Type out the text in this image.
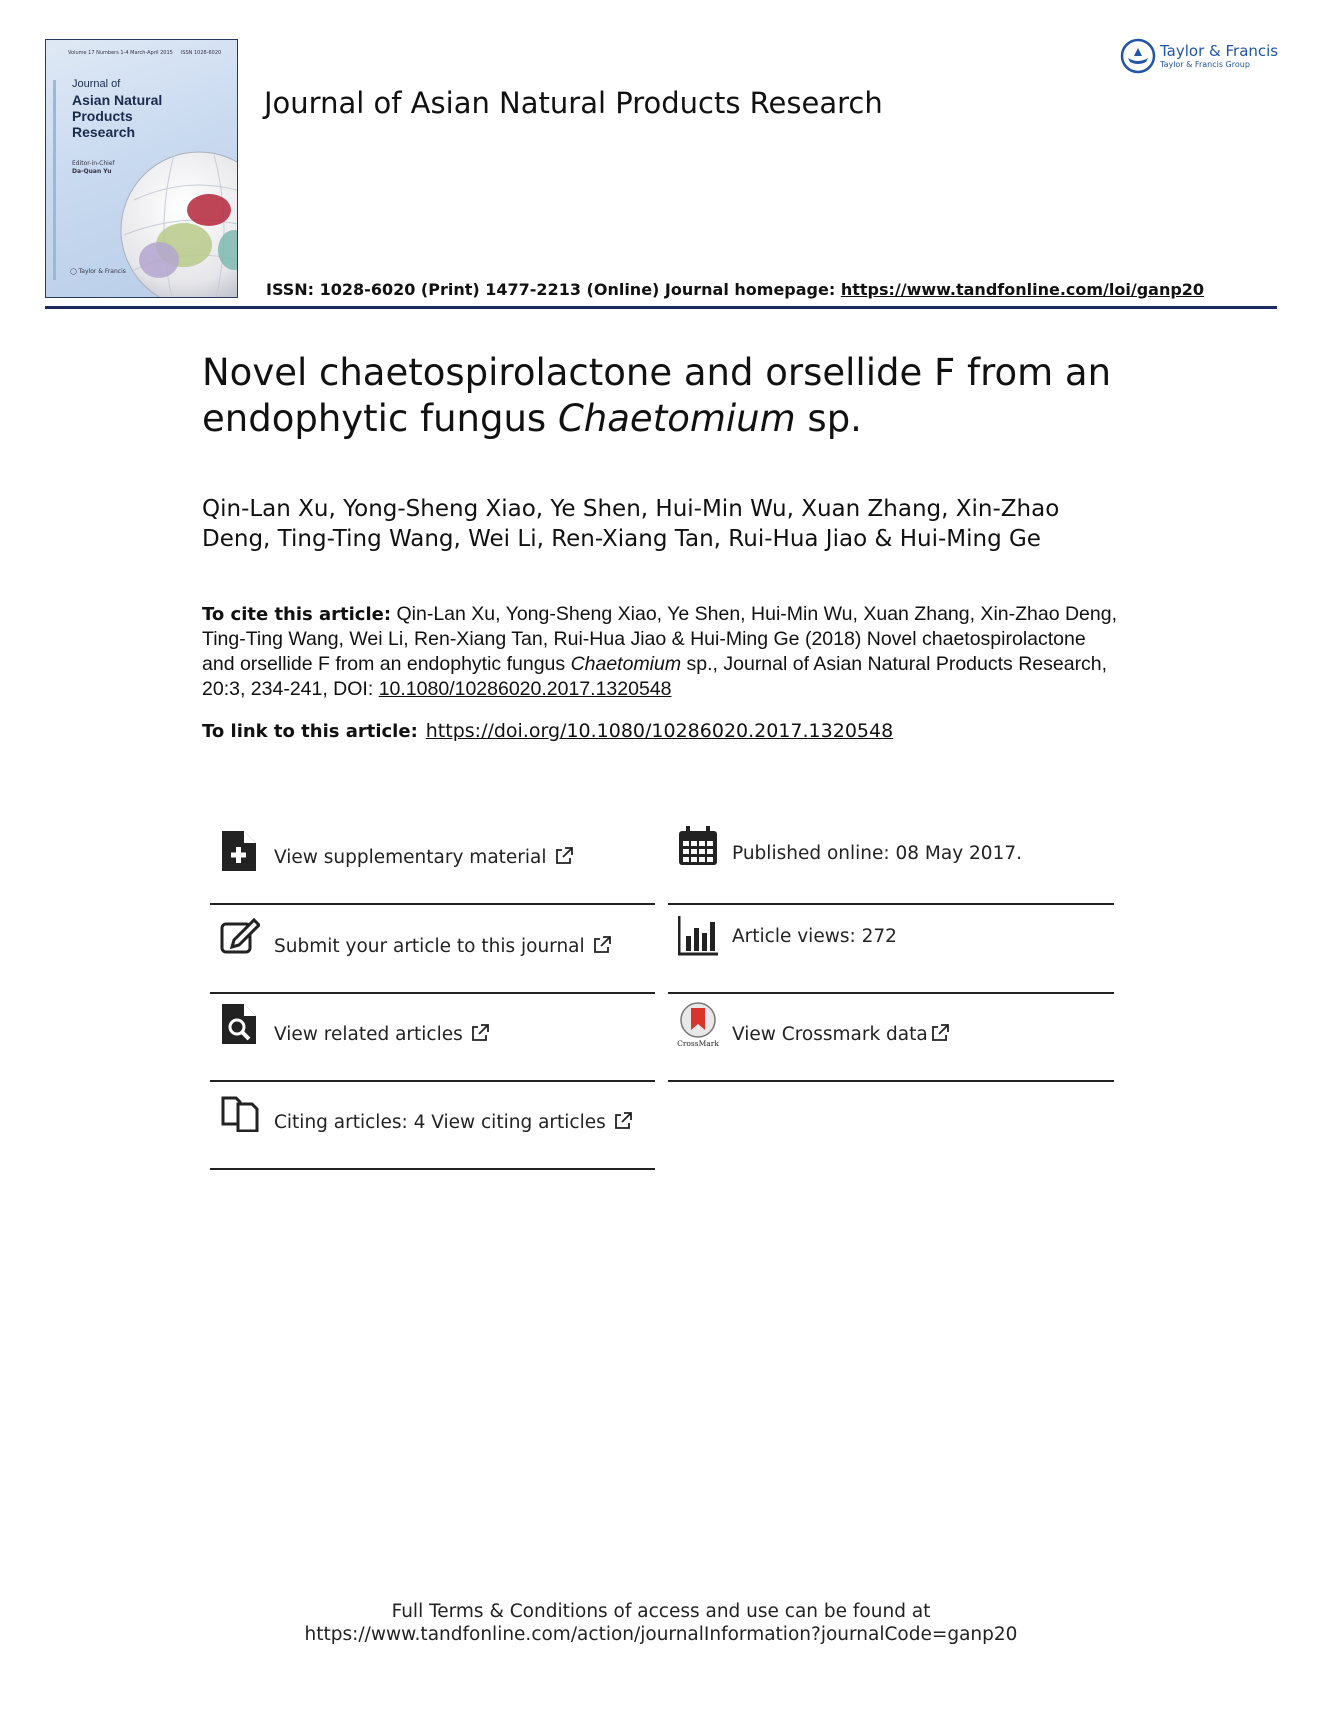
Volume 17 Numbers 1-4 March-April 2015 ISSN 1028-6020
Journal of
Asian Natural
Products
Research
Editor-in-Chief
Da-Quan Yu
◯ Taylor & Francis
Journal of Asian Natural Products Research
ISSN: 1028-6020 (Print) 1477-2213 (Online) Journal homepage: https://www.tandfonline.com/loi/ganp20
Taylor & Francis
Taylor & Francis Group
Novel chaetospirolactone and orsellide F from an endophytic fungus Chaetomium sp.
Qin-Lan Xu, Yong-Sheng Xiao, Ye Shen, Hui-Min Wu, Xuan Zhang, Xin-Zhao Deng, Ting-Ting Wang, Wei Li, Ren-Xiang Tan, Rui-Hua Jiao & Hui-Ming Ge
To cite this article: Qin-Lan Xu, Yong-Sheng Xiao, Ye Shen, Hui-Min Wu, Xuan Zhang, Xin-Zhao Deng, Ting-Ting Wang, Wei Li, Ren-Xiang Tan, Rui-Hua Jiao & Hui-Ming Ge (2018) Novel chaetospirolactone and orsellide F from an endophytic fungus Chaetomium sp., Journal of Asian Natural Products Research, 20:3, 234-241, DOI: 10.1080/10286020.2017.1320548
To link to this article: https://doi.org/10.1080/10286020.2017.1320548
View supplementary material	Published online: 08 May 2017.
Submit your article to this journal	Article views: 272
View related articles	CrossMark View Crossmark data
Citing articles: 4 View citing articles
Full Terms & Conditions of access and use can be found at
https://www.tandfonline.com/action/journalInformation?journalCode=ganp20
